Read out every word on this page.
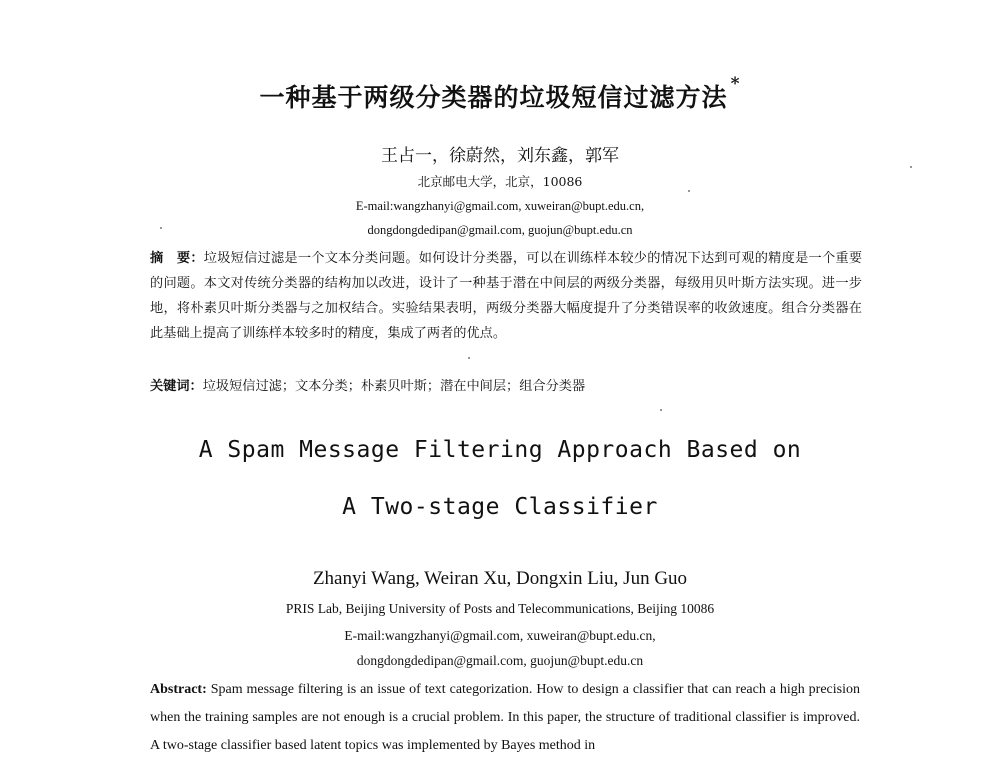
一种基于两级分类器的垃圾短信过滤方法 *
王占一，徐蔚然，刘东鑫，郭军
北京邮电大学，北京，10086
E-mail:wangzhanyi@gmail.com, xuweiran@bupt.edu.cn,
dongdongdedipan@gmail.com, guojun@bupt.edu.cn
摘　要：垃圾短信过滤是一个文本分类问题。如何设计分类器，可以在训练样本较少的情况下达到可观的精度是一个重要的问题。本文对传统分类器的结构加以改进，设计了一种基于潜在中间层的两级分类器，每级用贝叶斯方法实现。进一步地，将朴素贝叶斯分类器与之加权结合。实验结果表明，两级分类器大幅度提升了分类错误率的收敛速度。组合分类器在此基础上提高了训练样本较多时的精度，集成了两者的优点。
关键词：垃圾短信过滤；文本分类；朴素贝叶斯；潜在中间层；组合分类器
A Spam Message Filtering Approach Based on
A Two-stage Classifier
Zhanyi Wang, Weiran Xu, Dongxin Liu, Jun Guo
PRIS Lab, Beijing University of Posts and Telecommunications, Beijing 10086
E-mail:wangzhanyi@gmail.com, xuweiran@bupt.edu.cn,
dongdongdedipan@gmail.com, guojun@bupt.edu.cn
Abstract: Spam message filtering is an issue of text categorization. How to design a classifier that can reach a high precision when the training samples are not enough is a crucial problem. In this paper, the structure of traditional classifier is improved. A two-stage classifier based latent topics was implemented by Bayes method in
